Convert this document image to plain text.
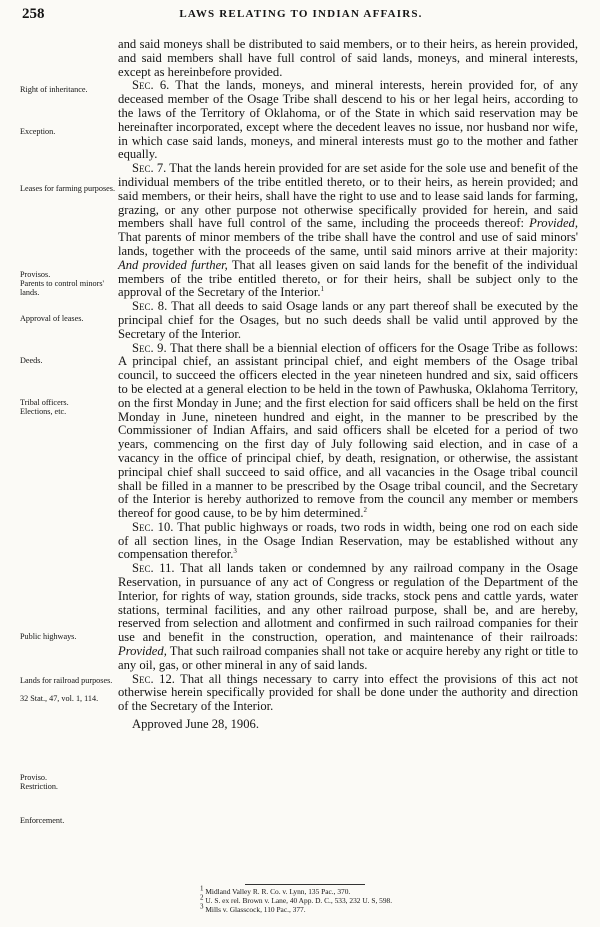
258	LAWS RELATING TO INDIAN AFFAIRS.
Right of inheritance.
Exception.
Leases for farming purposes.
Provisos.
Parents to control minors' lands.
Approval of leases.
Deeds.
Tribal officers.
Elections, etc.
Public highways.
Lands for railroad purposes.
32 Stat., 47, vol. 1, 114.
Proviso.
Restriction.
Enforcement.

and said moneys shall be distributed to said members, or to their heirs, as herein provided, and said members shall have full control of said lands, moneys, and mineral interests, except as hereinbefore provided.

Sec. 6. That the lands, moneys, and mineral interests, herein provided for, of any deceased member of the Osage Tribe shall descend to his or her legal heirs, according to the laws of the Territory of Oklahoma, or of the State in which said reservation may be hereinafter incorporated, except where the decedent leaves no issue, nor husband nor wife, in which case said lands, moneys, and mineral interests must go to the mother and father equally.

Sec. 7. That the lands herein provided for are set aside for the sole use and benefit of the individual members of the tribe entitled thereto, or to their heirs, as herein provided; and said members, or their heirs, shall have the right to use and to lease said lands for farming, grazing, or any other purpose not otherwise specifically provided for herein, and said members shall have full control of the same, including the proceeds thereof: Provided, That parents of minor members of the tribe shall have the control and use of said minors' lands, together with the proceeds of the same, until said minors arrive at their majority: And provided further, That all leases given on said lands for the benefit of the individual members of the tribe entitled thereto, or for their heirs, shall be subject only to the approval of the Secretary of the Interior.$^1$

Sec. 8. That all deeds to said Osage lands or any part thereof shall be executed by the principal chief for the Osages, but no such deeds shall be valid until approved by the Secretary of the Interior.

Sec. 9. That there shall be a biennial election of officers for the Osage Tribe as follows: A principal chief, an assistant principal chief, and eight members of the Osage tribal council, to succeed the officers elected in the year nineteen hundred and six, said officers to be elected at a general election to be held in the town of Pawhuska, Oklahoma Territory, on the first Monday in June; and the first election for said officers shall be held on the first Monday in June, nineteen hundred and eight, in the manner to be prescribed by the Commissioner of Indian Affairs, and said officers shall be elceted for a period of two years, commencing on the first day of July following said election, and in case of a vacancy in the office of principal chief, by death, resignation, or otherwise, the assistant principal chief shall succeed to said office, and all vacancies in the Osage tribal council shall be filled in a manner to be prescribed by the Osage tribal council, and the Secretary of the Interior is hereby authorized to remove from the council any member or members thereof for good cause, to be by him determined.$^2$

Sec. 10. That public highways or roads, two rods in width, being one rod on each side of all section lines, in the Osage Indian Reservation, may be established without any compensation therefor.$^3$

Sec. 11. That all lands taken or condemned by any railroad company in the Osage Reservation, in pursuance of any act of Congress or regulation of the Department of the Interior, for rights of way, station grounds, side tracks, stock pens and cattle yards, water stations, terminal facilities, and any other railroad purpose, shall be, and are hereby, reserved from selection and allotment and confirmed in such railroad companies for their use and benefit in the construction, operation, and maintenance of their railroads: Provided, That such railroad companies shall not take or acquire hereby any right or title to any oil, gas, or other mineral in any of said lands.

Sec. 12. That all things necessary to carry into effect the provisions of this act not otherwise herein specifically provided for shall be done under the authority and direction of the Secretary of the Interior.

Approved June 28, 1906.

$^1$ Midland Valley R. R. Co. v. Lynn, 135 Pac., 370.
$^2$ U. S. ex rel. Brown v. Lane, 40 App. D. C., 533, 232 U. S, 598.
$^3$ Mills v. Glasscock, 110 Pac., 377.
